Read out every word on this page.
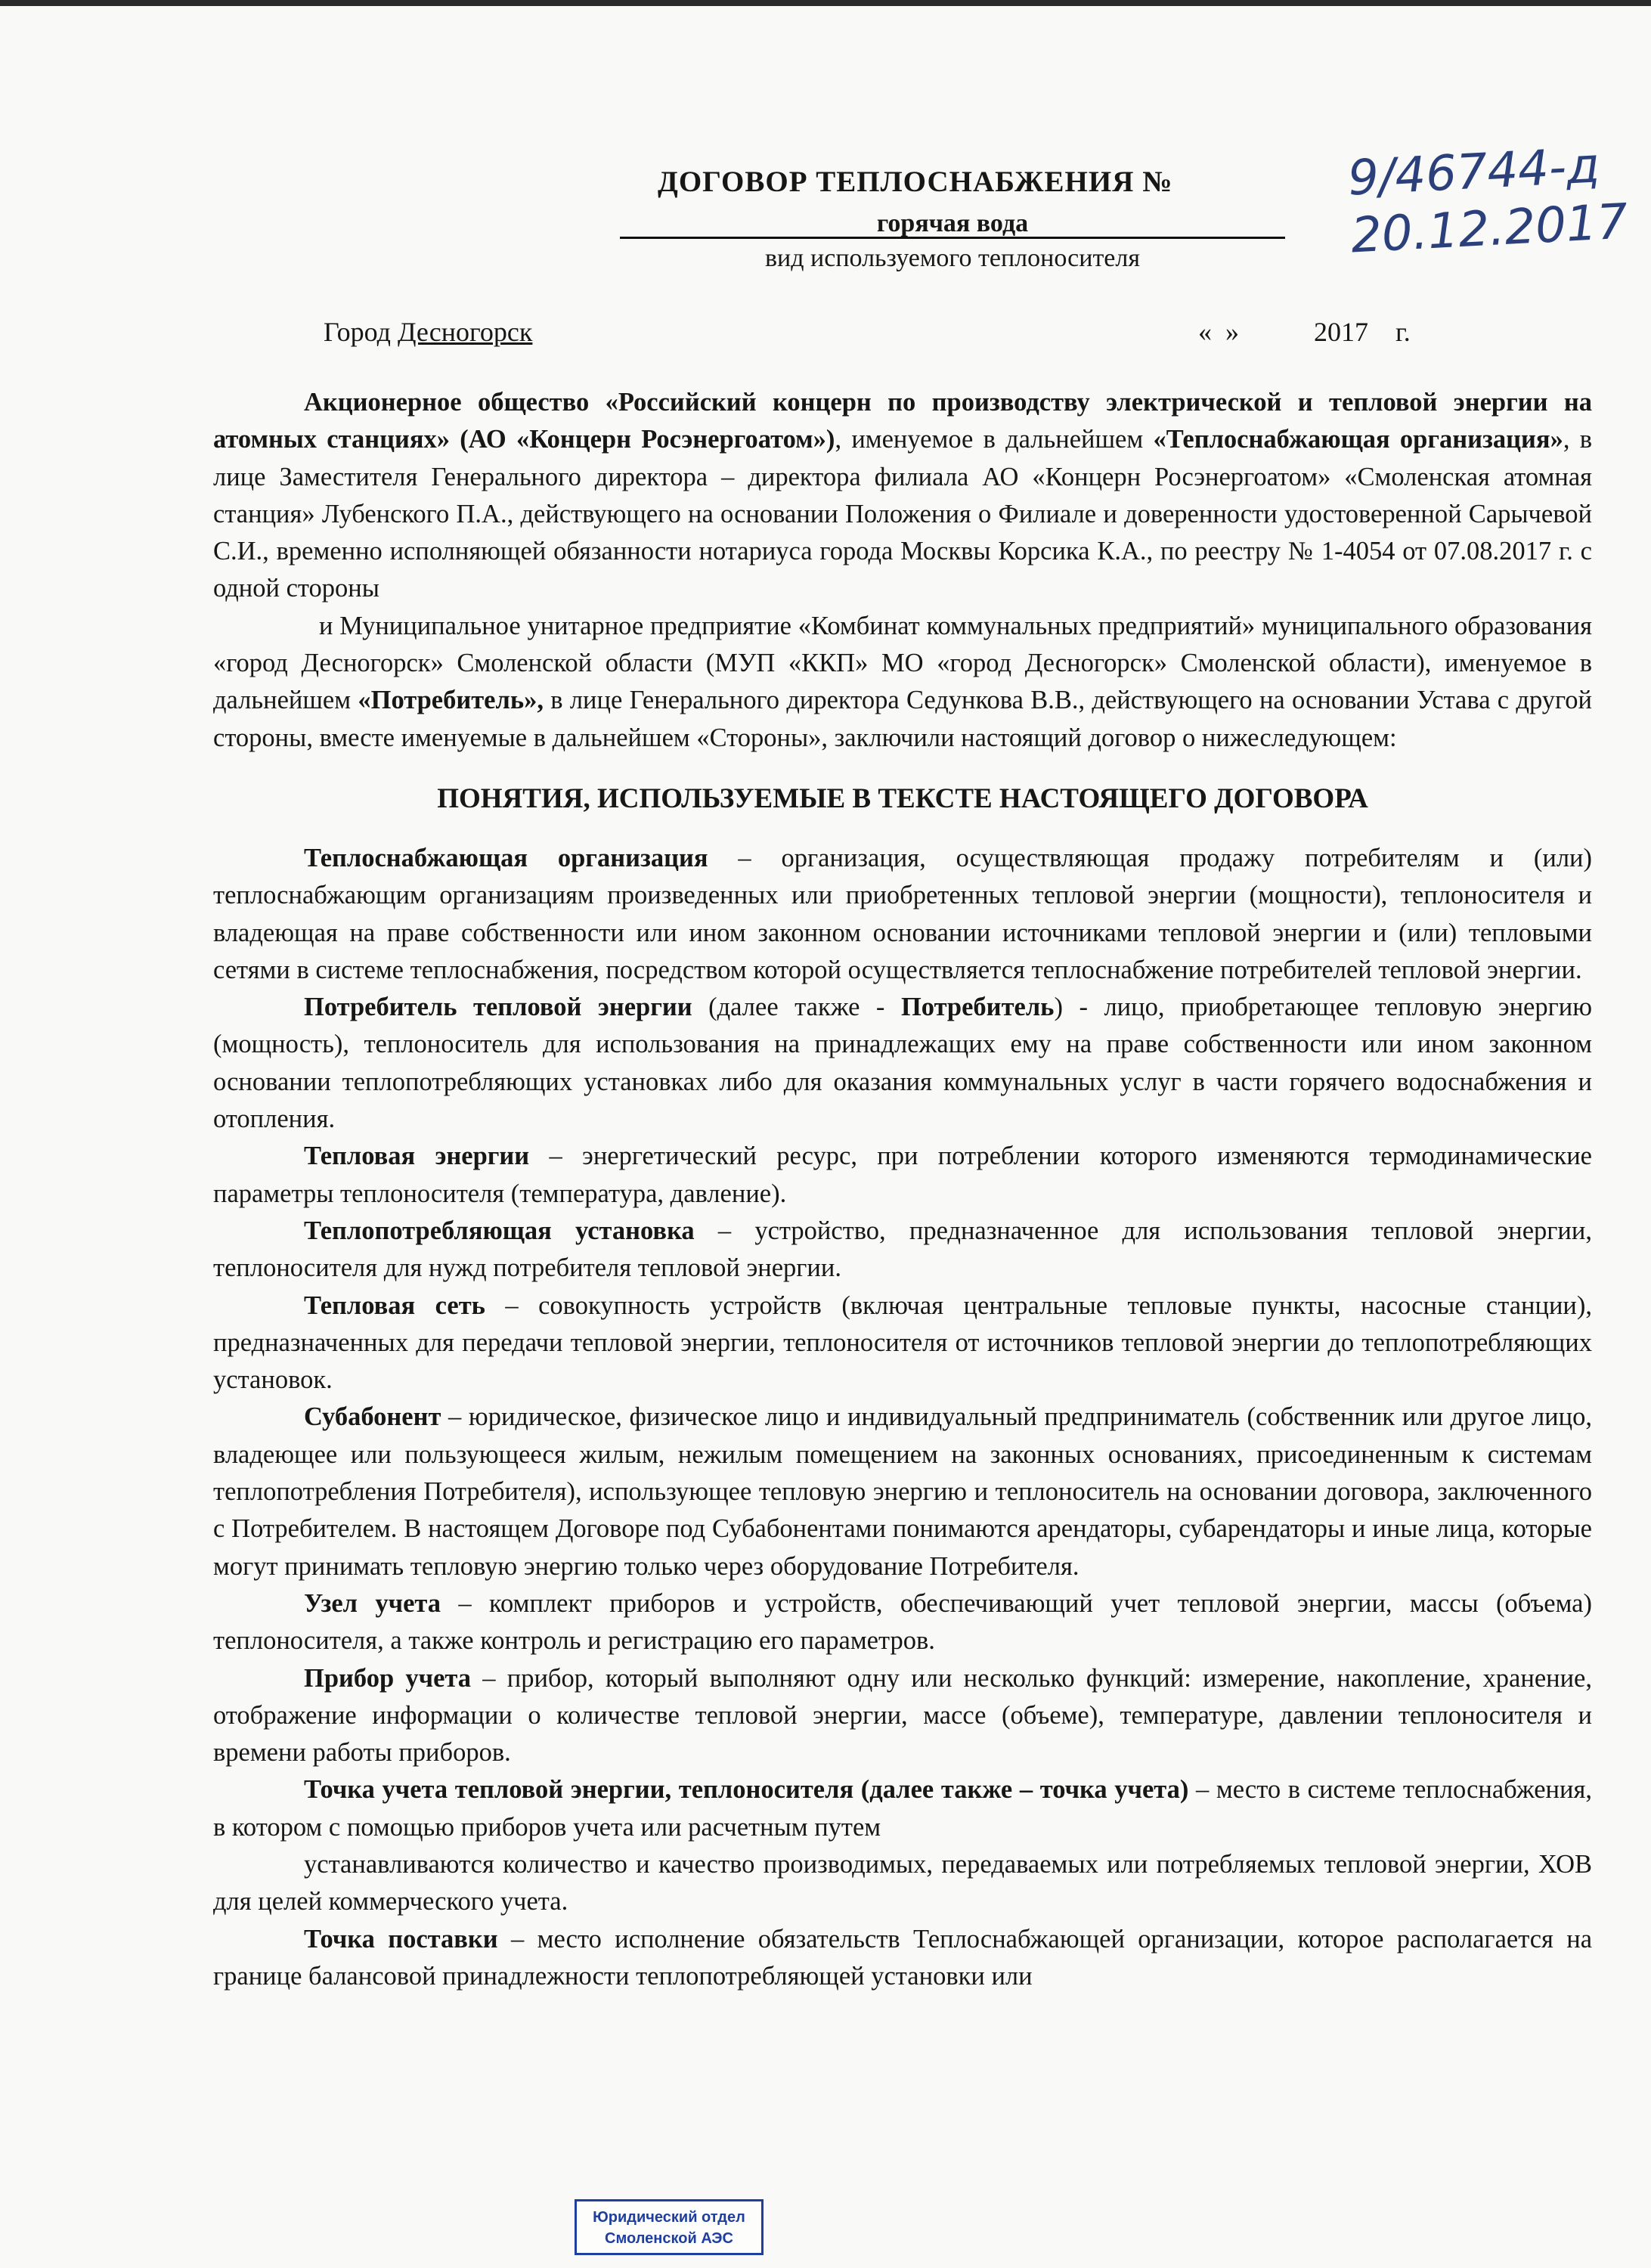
ДОГОВОР ТЕПЛОСНАБЖЕНИЯ №
горячая вода
вид используемого теплоносителя
9/46744-д
20.12.2017
Город Десногорск	«  »           2017    г.

Акционерное общество «Российский концерн по производству электрической и тепловой энергии на атомных станциях» (АО «Концерн Росэнергоатом»), именуемое в дальнейшем «Теплоснабжающая организация», в лице Заместителя Генерального директора – директора филиала АО «Концерн Росэнергоатом» «Смоленская атомная станция» Лубенского П.А., действующего на основании Положения о Филиале и доверенности удостоверенной Сарычевой С.И., временно исполняющей обязанности нотариуса города Москвы Корсика К.А., по реестру № 1-4054 от 07.08.2017 г. с одной стороны

и Муниципальное унитарное предприятие «Комбинат коммунальных предприятий» муниципального образования «город Десногорск» Смоленской области (МУП «ККП» МО «город Десногорск» Смоленской области), именуемое в дальнейшем «Потребитель», в лице Генерального директора Седункова В.В., действующего на основании Устава с другой стороны, вместе именуемые в дальнейшем «Стороны», заключили настоящий договор о нижеследующем:

ПОНЯТИЯ, ИСПОЛЬЗУЕМЫЕ В ТЕКСТЕ НАСТОЯЩЕГО ДОГОВОРА

Теплоснабжающая организация – организация, осуществляющая продажу потребителям и (или) теплоснабжающим организациям произведенных или приобретенных тепловой энергии (мощности), теплоносителя и владеющая на праве собственности или ином законном основании источниками тепловой энергии и (или) тепловыми сетями в системе теплоснабжения, посредством которой осуществляется теплоснабжение потребителей тепловой энергии.

Потребитель тепловой энергии (далее также - Потребитель) - лицо, приобретающее тепловую энергию (мощность), теплоноситель для использования на принадлежащих ему на праве собственности или ином законном основании теплопотребляющих установках либо для оказания коммунальных услуг в части горячего водоснабжения и отопления.

Тепловая энергии – энергетический ресурс, при потреблении которого изменяются термодинамические параметры теплоносителя (температура, давление).

Теплопотребляющая установка – устройство, предназначенное для использования тепловой энергии, теплоносителя для нужд потребителя тепловой энергии.

Тепловая сеть – совокупность устройств (включая центральные тепловые пункты, насосные станции), предназначенных для передачи тепловой энергии, теплоносителя от источников тепловой энергии до теплопотребляющих установок.

Субабонент – юридическое, физическое лицо и индивидуальный предприниматель (собственник или другое лицо, владеющее или пользующееся жилым, нежилым помещением на законных основаниях, присоединенным к системам теплопотребления Потребителя), использующее тепловую энергию и теплоноситель на основании договора, заключенного с Потребителем. В настоящем Договоре под Субабонентами понимаются арендаторы, субарендаторы и иные лица, которые могут принимать тепловую энергию только через оборудование Потребителя.

Узел учета – комплект приборов и устройств, обеспечивающий учет тепловой энергии, массы (объема) теплоносителя, а также контроль и регистрацию его параметров.

Прибор учета – прибор, который выполняют одну или несколько функций: измерение, накопление, хранение, отображение информации о количестве тепловой энергии, массе (объеме), температуре, давлении теплоносителя и времени работы приборов.

Точка учета тепловой энергии, теплоносителя (далее также – точка учета) – место в системе теплоснабжения, в котором с помощью приборов учета или расчетным путем

устанавливаются количество и качество производимых, передаваемых или потребляемых тепловой энергии, ХОВ для целей коммерческого учета.

Точка поставки – место исполнение обязательств Теплоснабжающей организации, которое располагается на границе балансовой принадлежности теплопотребляющей установки или

Юридический отдел
Смоленской АЭС
